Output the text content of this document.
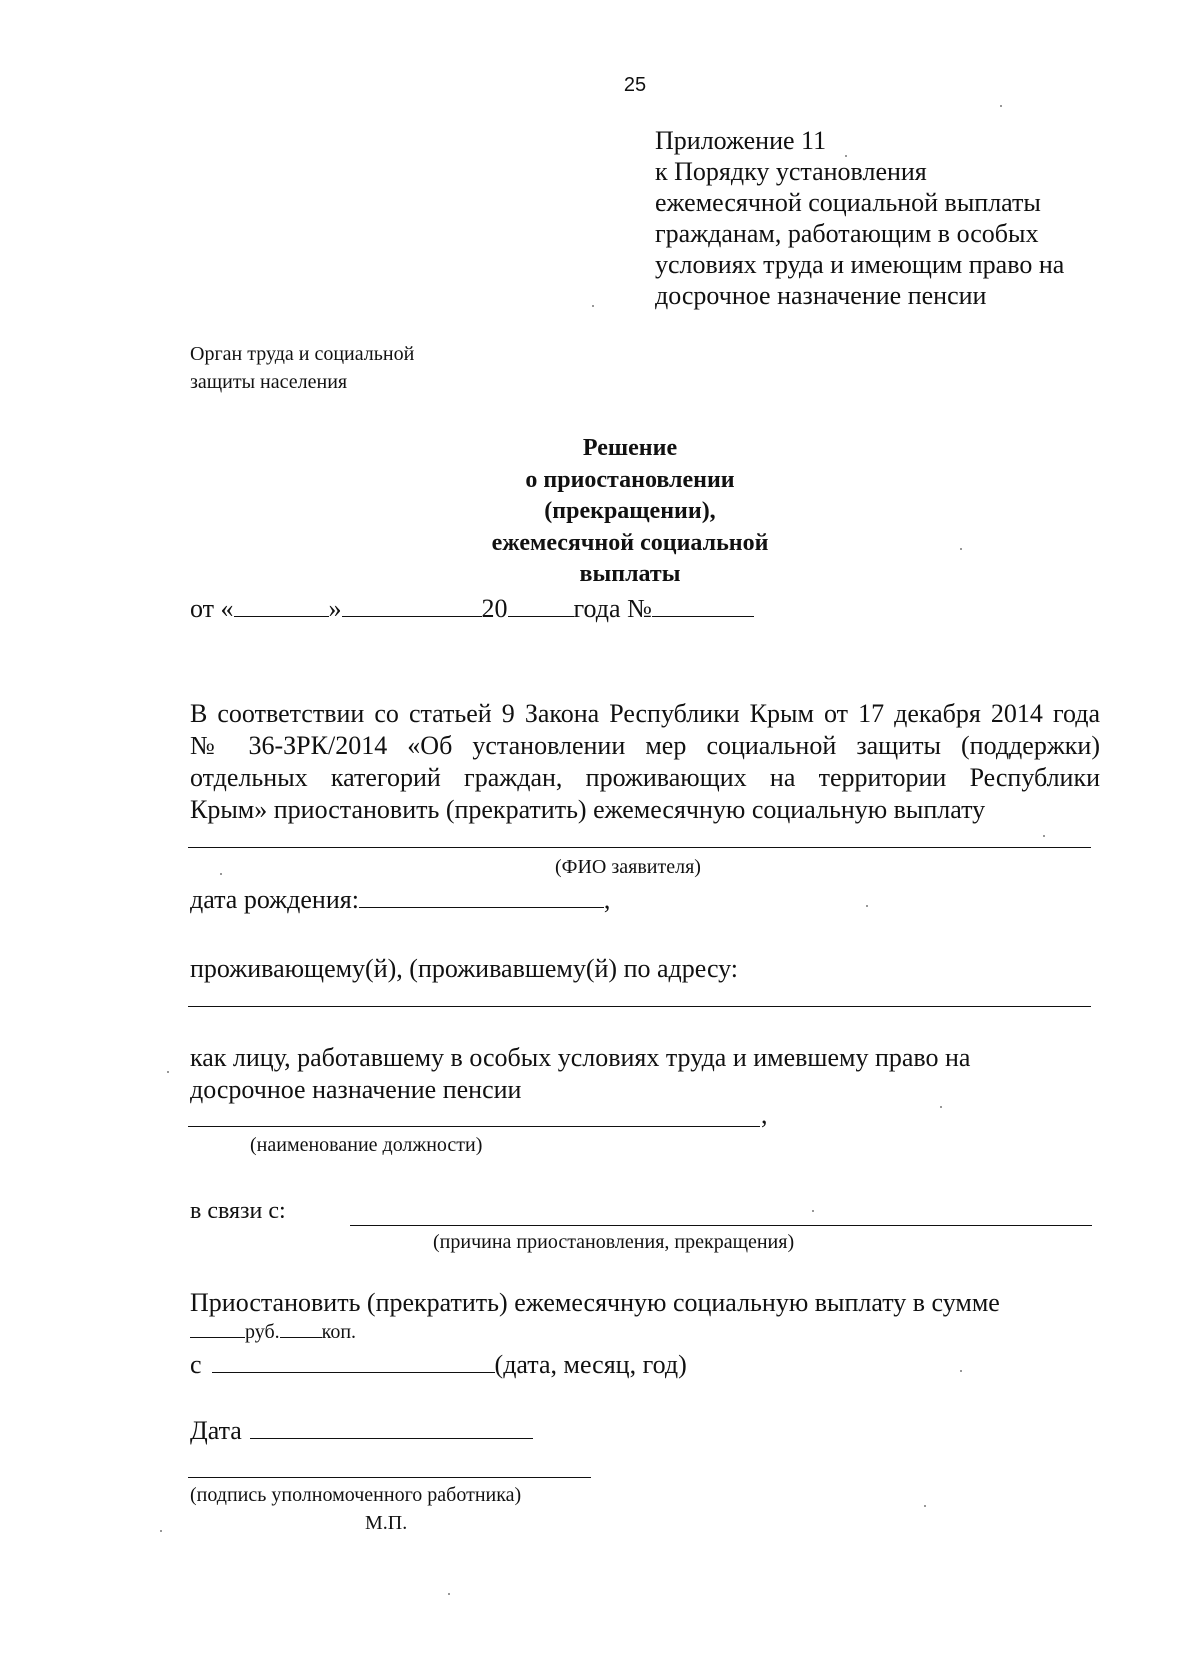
25
Приложение 11
к Порядку установления
ежемесячной социальной выплаты
гражданам, работающим в особых
условиях труда и имеющим право на
досрочное назначение пенсии
Орган труда и социальной
защиты населения
Решение
о приостановлении
(прекращении),
ежемесячной социальной
выплаты
от «	»	20	года №
В соответствии со статьей 9 Закона Республики Крым от 17 декабря 2014 года
№ 36-ЗРК/2014 «Об установлении мер социальной защиты (поддержки)
отдельных категорий граждан, проживающих на территории Республики
Крым» приостановить (прекратить) ежемесячную социальную выплату
(ФИО заявителя)
дата рождения:	,
проживающему(й), (проживавшему(й) по адресу:
как лицу, работавшему в особых условиях труда и имевшему право на
досрочное назначение пенсии
,
(наименование должности)
в связи с:
(причина приостановления, прекращения)
Приостановить (прекратить) ежемесячную социальную выплату в сумме
руб. коп.
с	(дата, месяц, год)
Дата
(подпись уполномоченного работника)
М.П.
